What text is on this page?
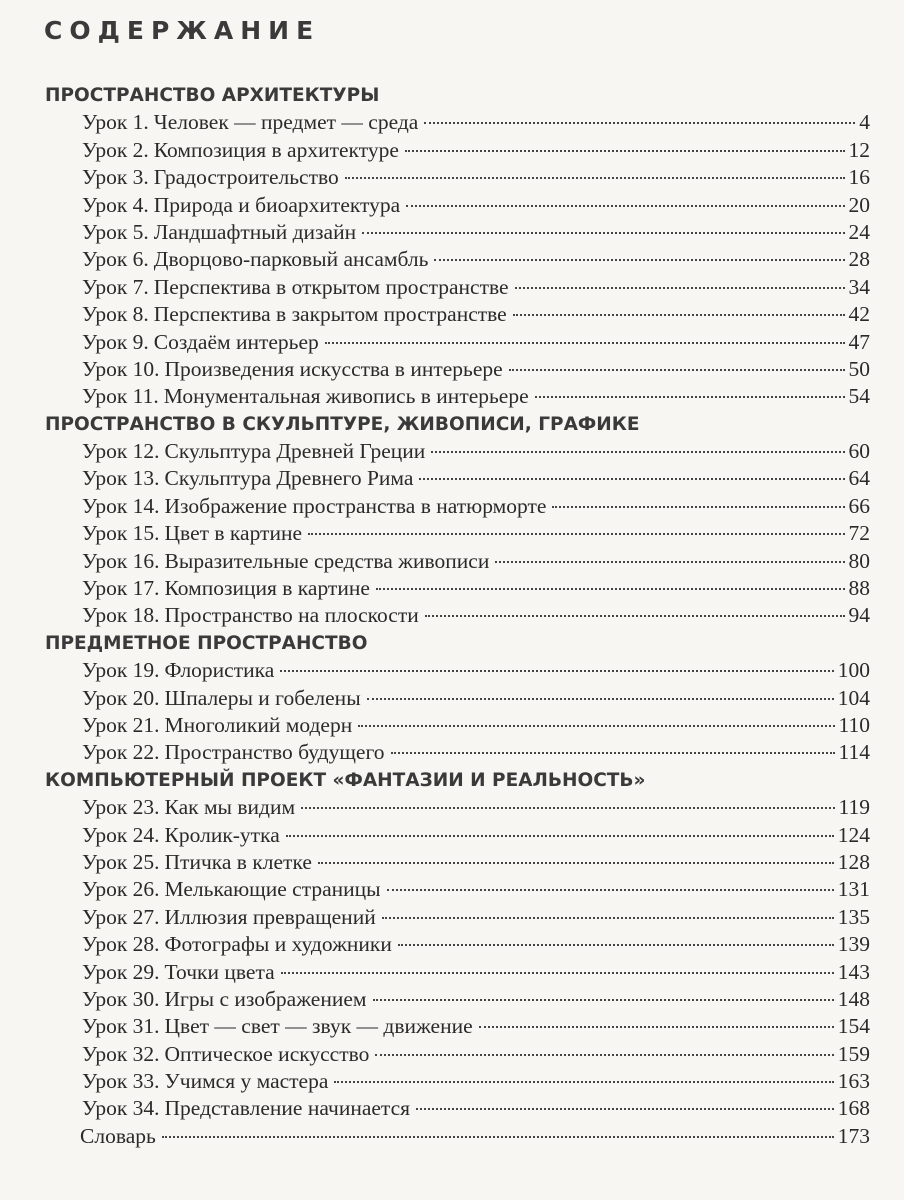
СОДЕРЖАНИЕ
ПРОСТРАНСТВО АРХИТЕКТУРЫ
Урок 1. Человек — предмет — среда	4
Урок 2. Композиция в архитектуре	12
Урок 3. Градостроительство	16
Урок 4. Природа и биоархитектура	20
Урок 5. Ландшафтный дизайн	24
Урок 6. Дворцово-парковый ансамбль	28
Урок 7. Перспектива в открытом пространстве	34
Урок 8. Перспектива в закрытом пространстве	42
Урок 9. Создаём интерьер	47
Урок 10. Произведения искусства в интерьере	50
Урок 11. Монументальная живопись в интерьере	54
ПРОСТРАНСТВО В СКУЛЬПТУРЕ, ЖИВОПИСИ, ГРАФИКЕ
Урок 12. Скульптура Древней Греции	60
Урок 13. Скульптура Древнего Рима	64
Урок 14. Изображение пространства в натюрморте	66
Урок 15. Цвет в картине	72
Урок 16. Выразительные средства живописи	80
Урок 17. Композиция в картине	88
Урок 18. Пространство на плоскости	94
ПРЕДМЕТНОЕ ПРОСТРАНСТВО
Урок 19. Флористика	100
Урок 20. Шпалеры и гобелены	104
Урок 21. Многоликий модерн	110
Урок 22. Пространство будущего	114
КОМПЬЮТЕРНЫЙ ПРОЕКТ «ФАНТАЗИИ И РЕАЛЬНОСТЬ»
Урок 23. Как мы видим	119
Урок 24. Кролик-утка	124
Урок 25. Птичка в клетке	128
Урок 26. Мелькающие страницы	131
Урок 27. Иллюзия превращений	135
Урок 28. Фотографы и художники	139
Урок 29. Точки цвета	143
Урок 30. Игры с изображением	148
Урок 31. Цвет — свет — звук — движение	154
Урок 32. Оптическое искусство	159
Урок 33. Учимся у мастера	163
Урок 34. Представление начинается	168
Словарь	173
